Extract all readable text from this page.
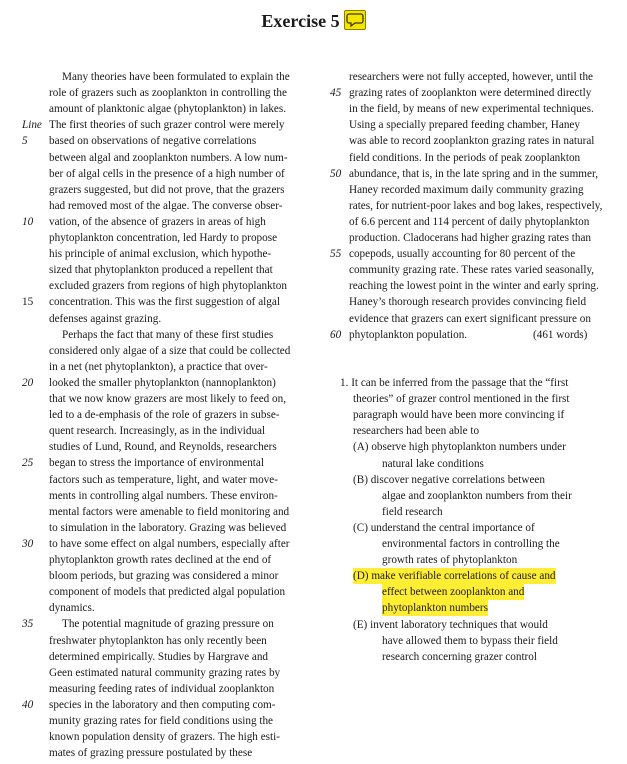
Exercise 5
Many theories have been formulated to explain the
role of grazers such as zooplankton in controlling the
amount of planktonic algae (phytoplankton) in lakes.
The first theories of such grazer control were merely
Line
based on observations of negative correlations
5
between algal and zooplankton numbers. A low num-
ber of algal cells in the presence of a high number of
grazers suggested, but did not prove, that the grazers
had removed most of the algae. The converse obser-
vation, of the absence of grazers in areas of high
10
phytoplankton concentration, led Hardy to propose
his principle of animal exclusion, which hypothe-
sized that phytoplankton produced a repellent that
excluded grazers from regions of high phytoplankton
concentration. This was the first suggestion of algal
15
defenses against grazing.
Perhaps the fact that many of these first studies
considered only algae of a size that could be collected
in a net (net phytoplankton), a practice that over-
looked the smaller phytoplankton (nannoplankton)
20
that we now know grazers are most likely to feed on,
led to a de-emphasis of the role of grazers in subse-
quent research. Increasingly, as in the individual
studies of Lund, Round, and Reynolds, researchers
began to stress the importance of environmental
25
factors such as temperature, light, and water move-
ments in controlling algal numbers. These environ-
mental factors were amenable to field monitoring and
to simulation in the laboratory. Grazing was believed
to have some effect on algal numbers, especially after
30
phytoplankton growth rates declined at the end of
bloom periods, but grazing was considered a minor
component of models that predicted algal population
dynamics.
The potential magnitude of grazing pressure on
35
freshwater phytoplankton has only recently been
determined empirically. Studies by Hargrave and
Geen estimated natural community grazing rates by
measuring feeding rates of individual zooplankton
species in the laboratory and then computing com-
40
munity grazing rates for field conditions using the
known population density of grazers. The high esti-
mates of grazing pressure postulated by these
researchers were not fully accepted, however, until the
grazing rates of zooplankton were determined directly
45
in the field, by means of new experimental techniques.
Using a specially prepared feeding chamber, Haney
was able to record zooplankton grazing rates in natural
field conditions. In the periods of peak zooplankton
abundance, that is, in the late spring and in the summer,
50
Haney recorded maximum daily community grazing
rates, for nutrient-poor lakes and bog lakes, respectively,
of 6.6 percent and 114 percent of daily phytoplankton
production. Cladocerans had higher grazing rates than
copepods, usually accounting for 80 percent of the
55
community grazing rate. These rates varied seasonally,
reaching the lowest point in the winter and early spring.
Haney’s thorough research provides convincing field
evidence that grazers can exert significant pressure on
phytoplankton population.
60	(461 words)
1. It can be inferred from the passage that the “first
theories” of grazer control mentioned in the first
paragraph would have been more convincing if
researchers had been able to
(A) observe high phytoplankton numbers under
natural lake conditions
(B) discover negative correlations between
algae and zooplankton numbers from their
field research
(C) understand the central importance of
environmental factors in controlling the
growth rates of phytoplankton
(D) make verifiable correlations of cause and
effect between zooplankton and
phytoplankton numbers
(E) invent laboratory techniques that would
have allowed them to bypass their field
research concerning grazer control
